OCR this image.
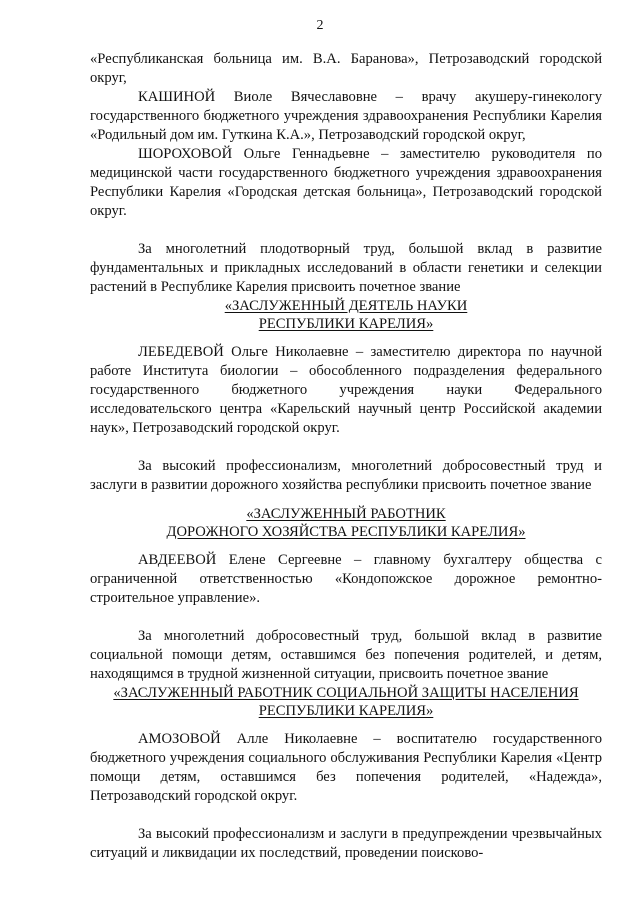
2

«Республиканская больница им. В.А. Баранова», Петрозаводский городской округ,

КАШИНОЙ Виоле Вячеславовне – врачу акушеру-гинекологу государственного бюджетного учреждения здравоохранения Республики Карелия «Родильный дом им. Гуткина К.А.», Петрозаводский городской округ,

ШОРОХОВОЙ Ольге Геннадьевне – заместителю руководителя по медицинской части государственного бюджетного учреждения здравоохранения Республики Карелия «Городская детская больница», Петрозаводский городской округ.

За многолетний плодотворный труд, большой вклад в развитие фундаментальных и прикладных исследований в области генетики и селекции растений в Республике Карелия присвоить почетное звание

«ЗАСЛУЖЕННЫЙ ДЕЯТЕЛЬ НАУКИ
РЕСПУБЛИКИ КАРЕЛИЯ»

ЛЕБЕДЕВОЙ Ольге Николаевне – заместителю директора по научной работе Института биологии – обособленного подразделения федерального государственного бюджетного учреждения науки Федерального исследовательского центра «Карельский научный центр Российской академии наук», Петрозаводский городской округ.

За высокий профессионализм, многолетний добросовестный труд и заслуги в развитии дорожного хозяйства республики присвоить почетное звание

«ЗАСЛУЖЕННЫЙ РАБОТНИК
ДОРОЖНОГО ХОЗЯЙСТВА РЕСПУБЛИКИ КАРЕЛИЯ»

АВДЕЕВОЙ Елене Сергеевне – главному бухгалтеру общества с ограниченной ответственностью «Кондопожское дорожное ремонтно-строительное управление».

За многолетний добросовестный труд, большой вклад в развитие социальной помощи детям, оставшимся без попечения родителей, и детям, находящимся в трудной жизненной ситуации, присвоить почетное звание

«ЗАСЛУЖЕННЫЙ РАБОТНИК СОЦИАЛЬНОЙ ЗАЩИТЫ НАСЕЛЕНИЯ
РЕСПУБЛИКИ КАРЕЛИЯ»

АМОЗОВОЙ Алле Николаевне – воспитателю государственного бюджетного учреждения социального обслуживания Республики Карелия «Центр помощи детям, оставшимся без попечения родителей, «Надежда», Петрозаводский городской округ.

За высокий профессионализм и заслуги в предупреждении чрезвычайных ситуаций и ликвидации их последствий, проведении поисково-
